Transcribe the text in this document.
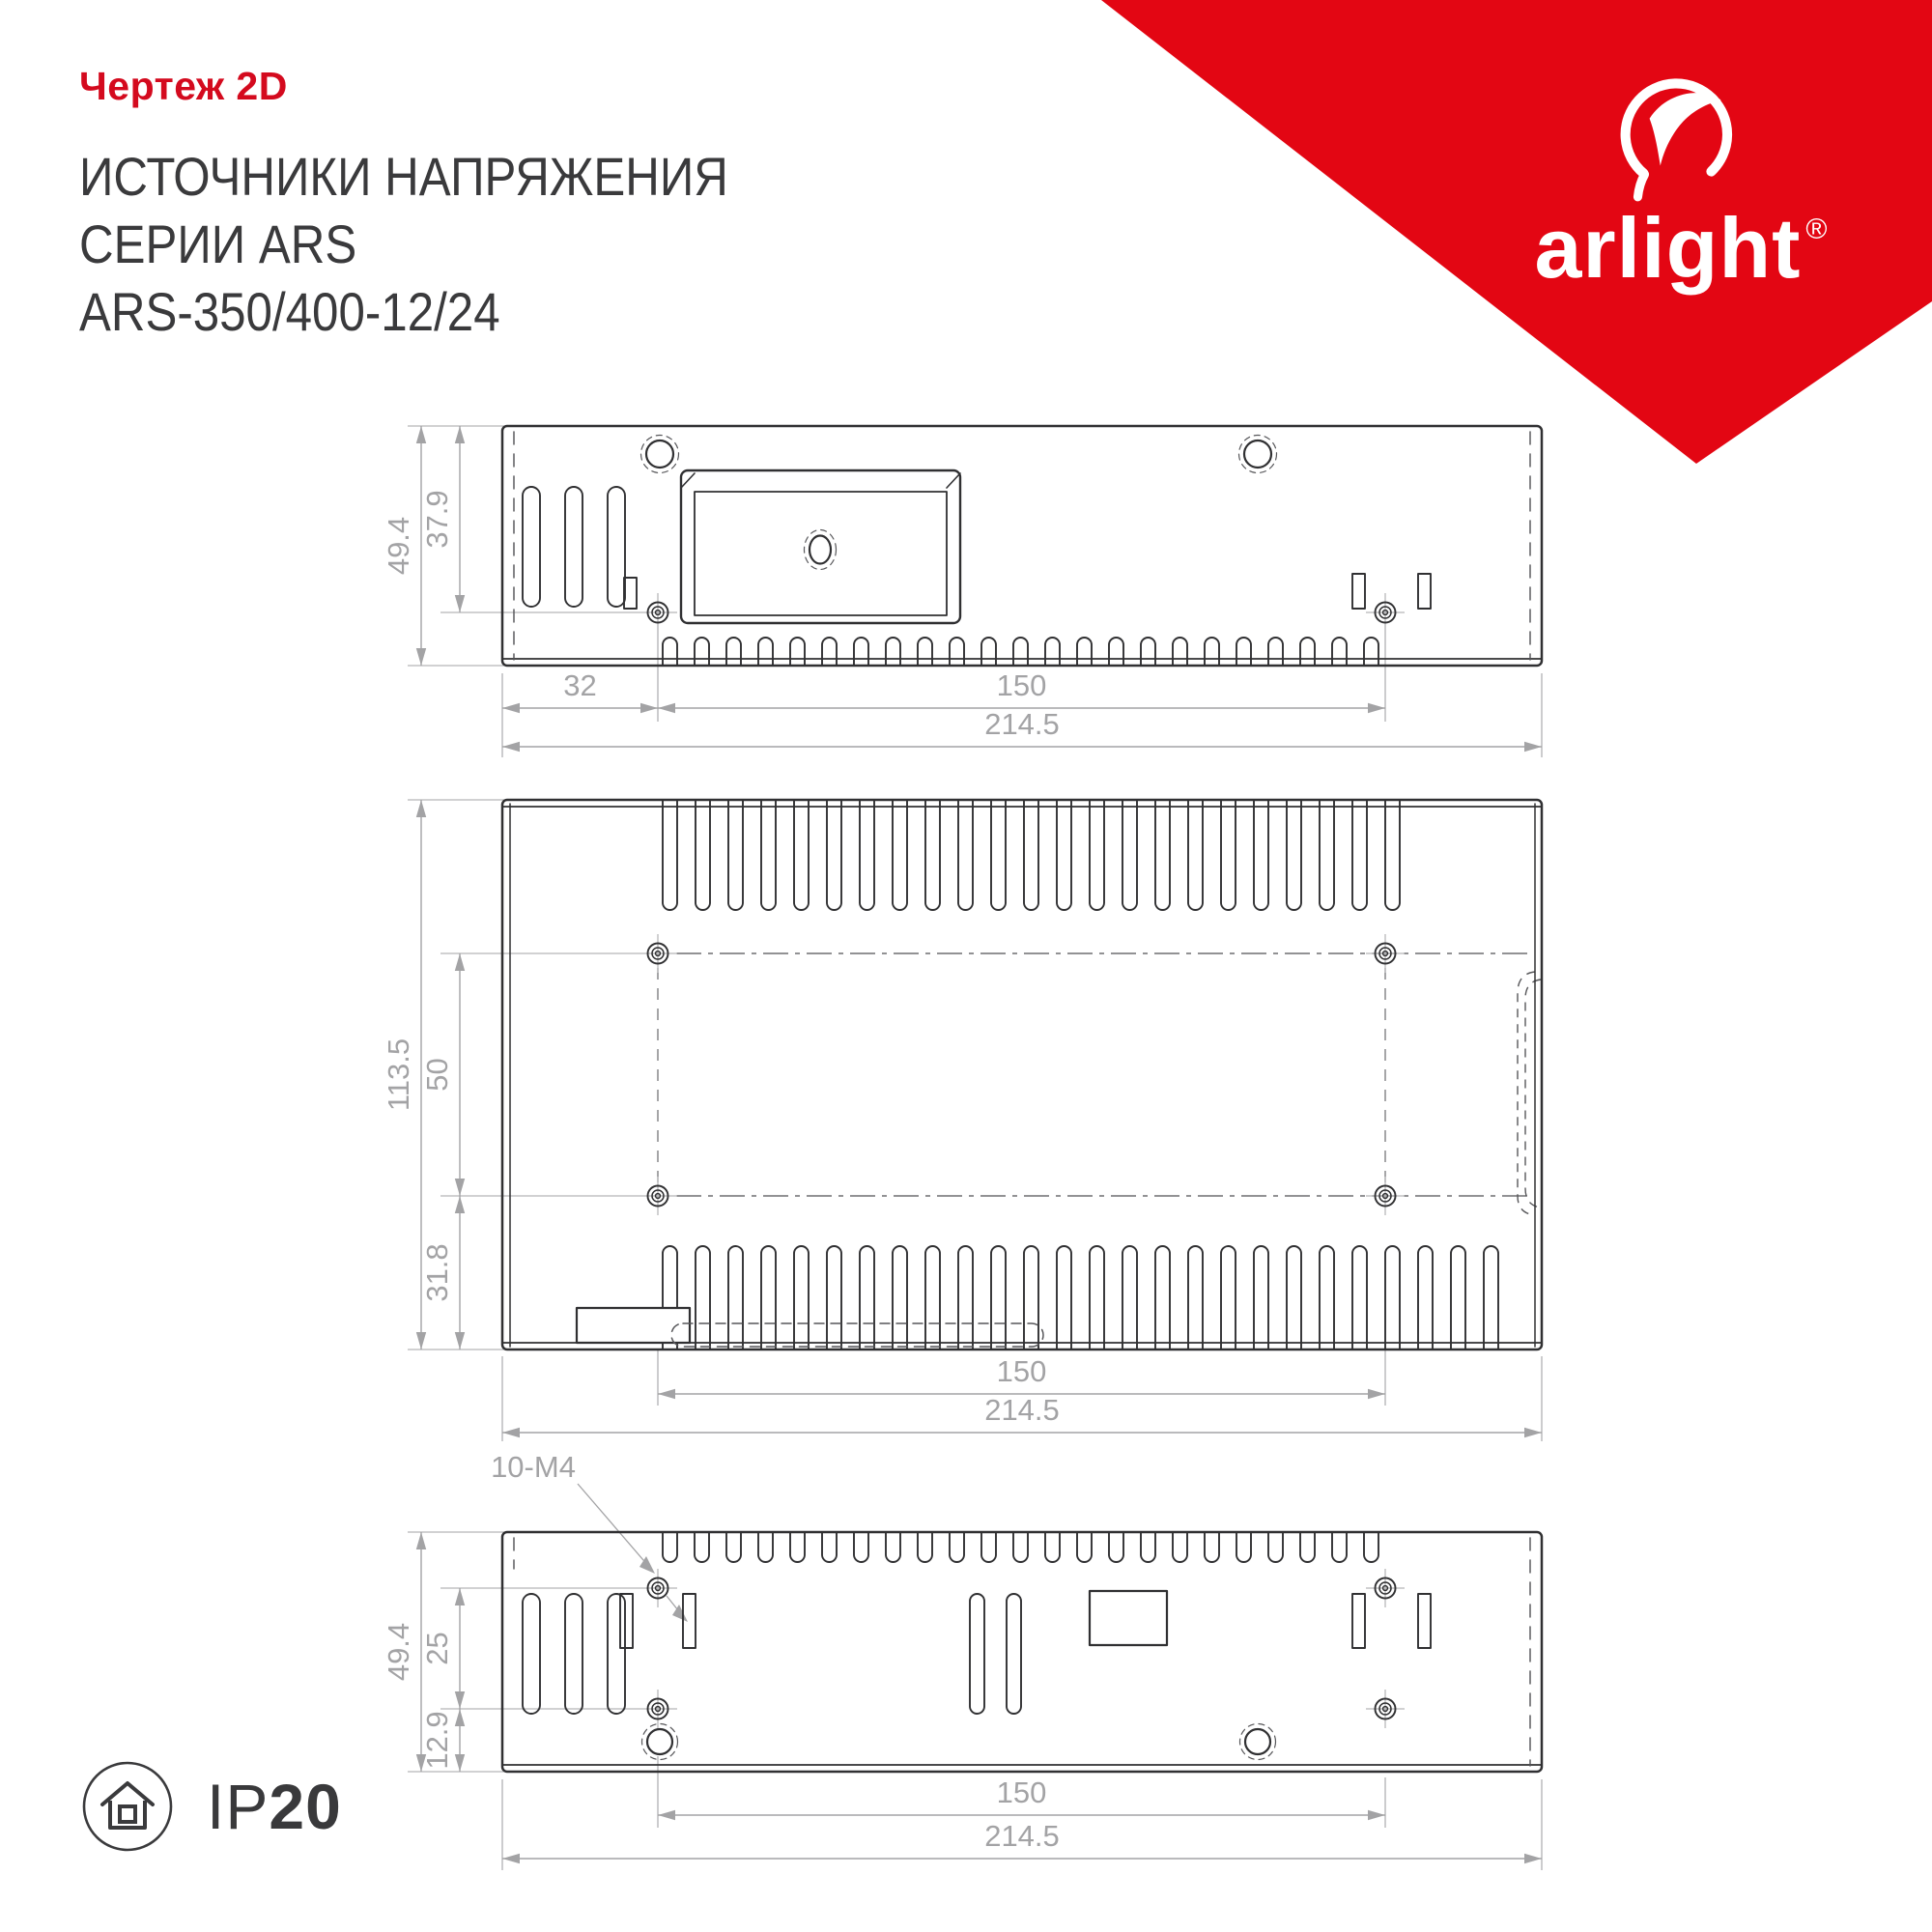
Чертеж 2D
ИСТОЧНИКИ НАПРЯЖЕНИЯ
СЕРИИ ARS
ARS-350/400-12/24
arlight ®
49.4 37.9
32	150
214.5
113.5 50
31.8
150
214.5
10-M4
49.4 25
12.9
150
214.5
IP20
